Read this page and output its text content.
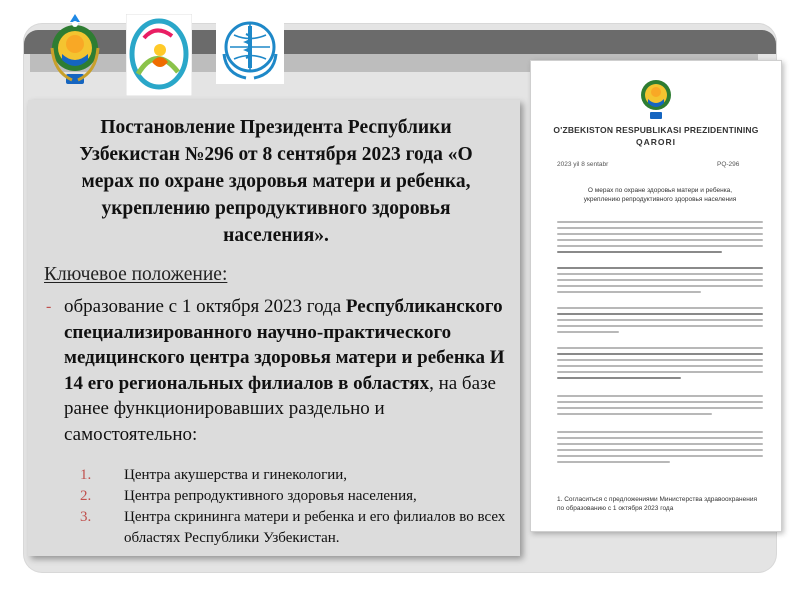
Постановление Президента Республики Узбекистан №296 от 8 сентября 2023 года «О мерах по охране здоровья матери и ребенка, укреплению репродуктивного здоровья населения».
Ключевое положение:
- образование с 1 октября 2023 года Республиканского специализированного научно-практического медицинского центра здоровья матери и ребенка И 14 его региональных филиалов в областях, на базе ранее функционировавших раздельно и самостоятельно:
1. Центра акушерства и гинекологии,
2. Центра репродуктивного здоровья населения,
3. Центра скрининга матери и ребенка и его филиалов во всех областях Республики Узбекистан.
O'ZBEKISTON RESPUBLIKASI PREZIDENTINING
QARORI
2023 yil 8 sentabr	PQ-296
О мерах по охране здоровья матери и ребенка, укреплению репродуктивного здоровья населения
1. Согласиться с предложениями Министерства здравоохранения по образованию с 1 октября 2023 года
